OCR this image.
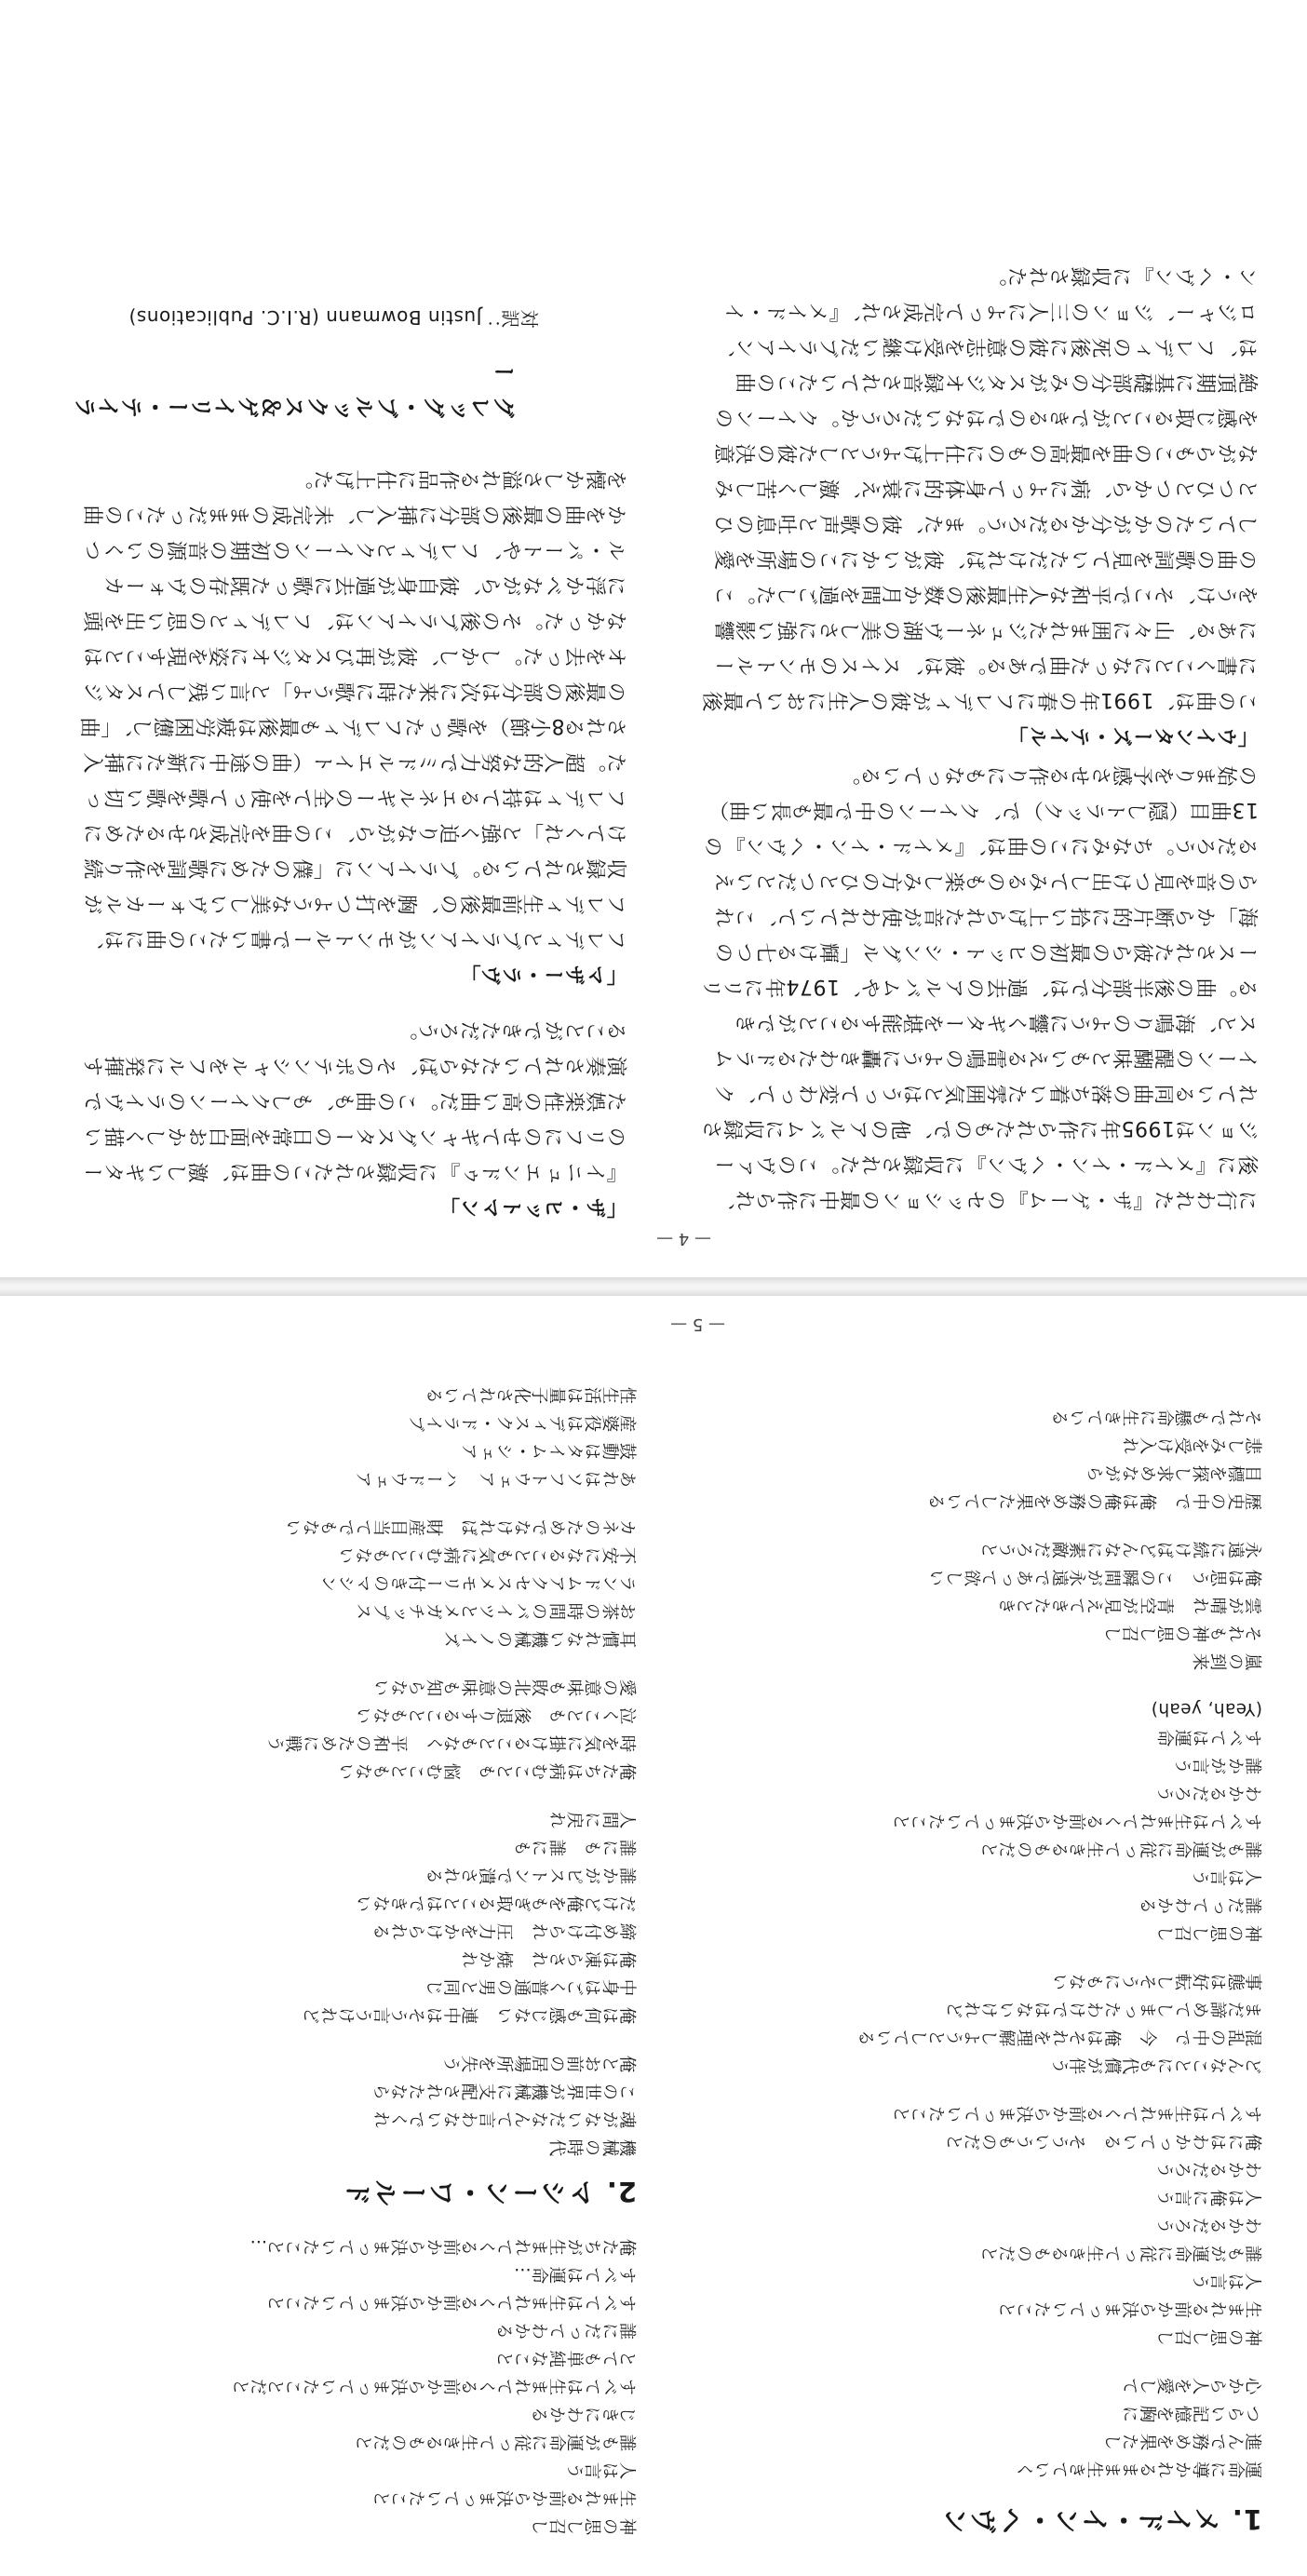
に行われた『ザ・ゲーム』のセッションの最中に作られ、後に『メイド・イン・ヘヴン』に収録された。このヴァージョンは1995年に作られたもので、他のアルバムに収録されている同曲の落ち着いた雰囲気とはうって変わって、クイーンの醍醐味ともいえる雷鳴のように轟きわたるドラムスと、海鳴りのように響くギターを堪能することができる。曲の後半部分では、過去のアルバムや、1974年にリリースされた彼らの最初のヒット・シングル「輝ける七つの海」から断片的に拾い上げられた音が使われていて、これらの音を見つけ出してみるのも楽しみ方のひとつだといえるだろう。ちなみにこの曲は、『メイド・イン・ヘヴン』の13曲目（隠しトラック）で、クイーンの中で最も長い曲）の始まりを予感させる作りにもなっている。

「ウインターズ・テイル」

この曲は、1991年の春にフレディが彼の人生において最後に書くことになった曲である。彼は、スイスのモントルーにある、山々に囲まれたジュネーヴ湖の美しさに強い影響をうけ、そこで平和な人生最後の数か月間を過ごした。この曲の歌詞を見ていただければ、彼がいかにこの場所を愛していたのかが分かるだろう。また、彼の歌声と吐息のひとつひとつから、病によって身体的に衰え、激しく苦しみながらもこの曲を最高のものに仕上げようとした彼の決意を感じ取ることができるのではないだろうか。クイーンの絶頂期に基礎部分のみがスタジオ録音されていたこの曲は、フレディの死後に彼の意志を受け継いだブライアン、ロジャー、ジョンの三人によって完成され、『メイド・イン・ヘヴン』に収録された。

「ザ・ヒットマン」

『イニュエンドゥ』に収録されたこの曲は、激しいギターのリフにのせてギャングスターの日常を面白おかしく描いた娯楽性の高い曲だ。この曲も、もしクイーンのライヴで演奏されていたならば、そのポテンシャルをフルに発揮することができただろう。

「マザー・ラヴ」

フレディとブライアンがモントルーで書いたこの曲には、フレディ生前最後の、胸を打つような美しいヴォーカルが収録されている。ブライアンに「僕のために歌詞を作り続けてくれ」と強く迫りながら、この曲を完成させるためにフレディは持てるエネルギーの全てを使って歌を歌い切った。超人的な努力でミドルエイト（曲の途中に新たに挿入される8小節）を歌ったフレディも最後は疲労困憊し、「曲の最後の部分は次に来た時に歌うよ」と言い残してスタジオを去った。しかし、彼が再びスタジオに姿を現すことはなかった。その後ブライアンは、フレディとの思い出を頭に浮かべながら、彼自身が過去に歌った既存のヴォーカル・パートや、フレディとクイーンの初期の音源のいくつかを曲の最後の部分に挿入し、未完成のままだったこの曲を懐かしさ溢れる作品に仕上げた。

グレッグ・ブルックス＆ゲイリー・テイラー

対訳：Justin Bowmann (R.I.C. Publications)

— 4 —
1. メイド・イン・ヘヴン
運命に導かれるまま生きていく
進んで務めを果たし
つらい記憶を胸に
心から人を愛して
神の思し召し
生まれる前から決まっていたこと
人は言う
誰もが運命に従って生きるものだと
わかるだろう
人は俺に言う
わかるだろう
俺にはわかっている　そういうものだと
すべては生まれてくる前から決まっていたこと
どんなことにも代償が伴う
混乱の中で　今　俺はそれを理解しようとしている
まだ諦めてしまったわけではないけれど
事態は好転しそうにもない
神の思し召し
誰だってわかる
人は言う
誰もが運命に従って生きるものだと
すべては生まれてくる前から決まっていたこと
わかるだろう
誰かが言う
すべては運命
(Yeah, yeah)
嵐の到来
それも神の思し召し
雲が晴れ　青空が見えてきたとき
俺は思う　この瞬間が永遠であって欲しい
永遠に続けばどんなに素敵だろうと
歴史の中で　俺は俺の務めを果たしている
目標を探し求めながら
悲しみを受け入れ
それでも懸命に生きている
神の思し召し
生まれる前から決まっていたこと
人は言う
誰もが運命に従って生きるものだと
じきにわかる
すべては生まれてくる前から決まっていたことだと
とても単純なこと
誰にだってわかる
すべては生まれてくる前から決まっていたこと
すべては運命…
俺たちが生まれてくる前から決まっていたこと…
2. マシーン・ワールド
機械の時代
魂がないだなんて言わないでくれ
この世界が機械に支配されたなら
俺とお前の居場所を失う
俺は何も感じない　連中はそう言うけれど
中身はごく普通の男と同じ
俺は凍らされ　焼かれ
締め付けられ　圧力をかけられる
だけど俺をもぎ取ることはできない
誰かがピストンで潰される
誰にも　誰にも
人間に戻れ
俺たちは病むことも　悩むこともない
時を気に掛けることもなく　平和のために戦う
泣くことも　後退りすることもない
愛の意味も敗北の意味も知らない
耳慣れない機械のノイズ
お茶の時間のバイツとメガチップス
ランドムアクセスメモリー付きのマシン
不安になることも気に病むこともない
カネのためでなければ　財産目当てでもない
あれはソフトウェア　ハードウェア
鼓動はタイム・シェア
産婆役はディスク・ドライブ
性生活は量子化されている
— 5 —
